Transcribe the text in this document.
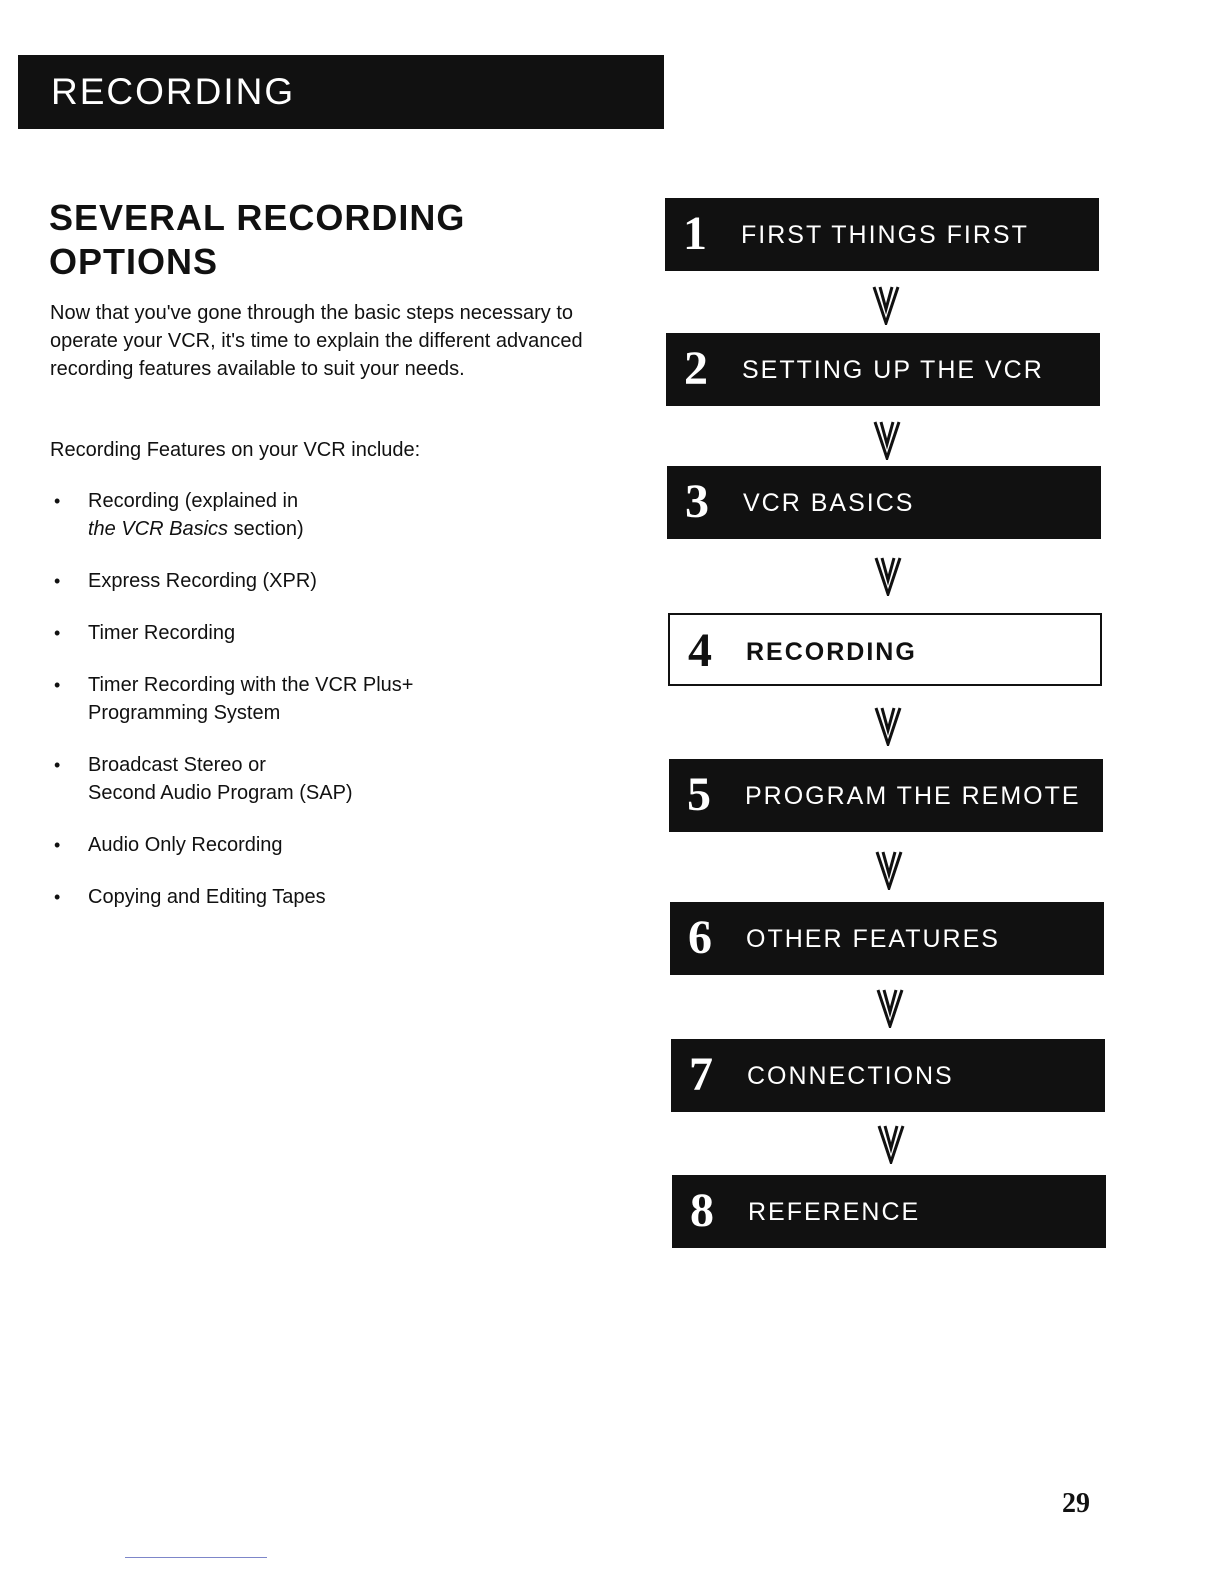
RECORDING
SEVERAL RECORDING OPTIONS

Now that you've gone through the basic steps necessary to operate your VCR, it's time to explain the different advanced recording features available to suit your needs.

Recording Features on your VCR include:

• Recording (explained in
the VCR Basics section)
• Express Recording (XPR)
• Timer Recording
• Timer Recording with the VCR Plus+
Programming System
• Broadcast Stereo or
Second Audio Program (SAP)
• Audio Only Recording
• Copying and Editing Tapes
1 FIRST THINGS FIRST
2 SETTING UP THE VCR
3 VCR BASICS
4 RECORDING
5 PROGRAM THE REMOTE
6 OTHER FEATURES
7 CONNECTIONS
8 REFERENCE
29
